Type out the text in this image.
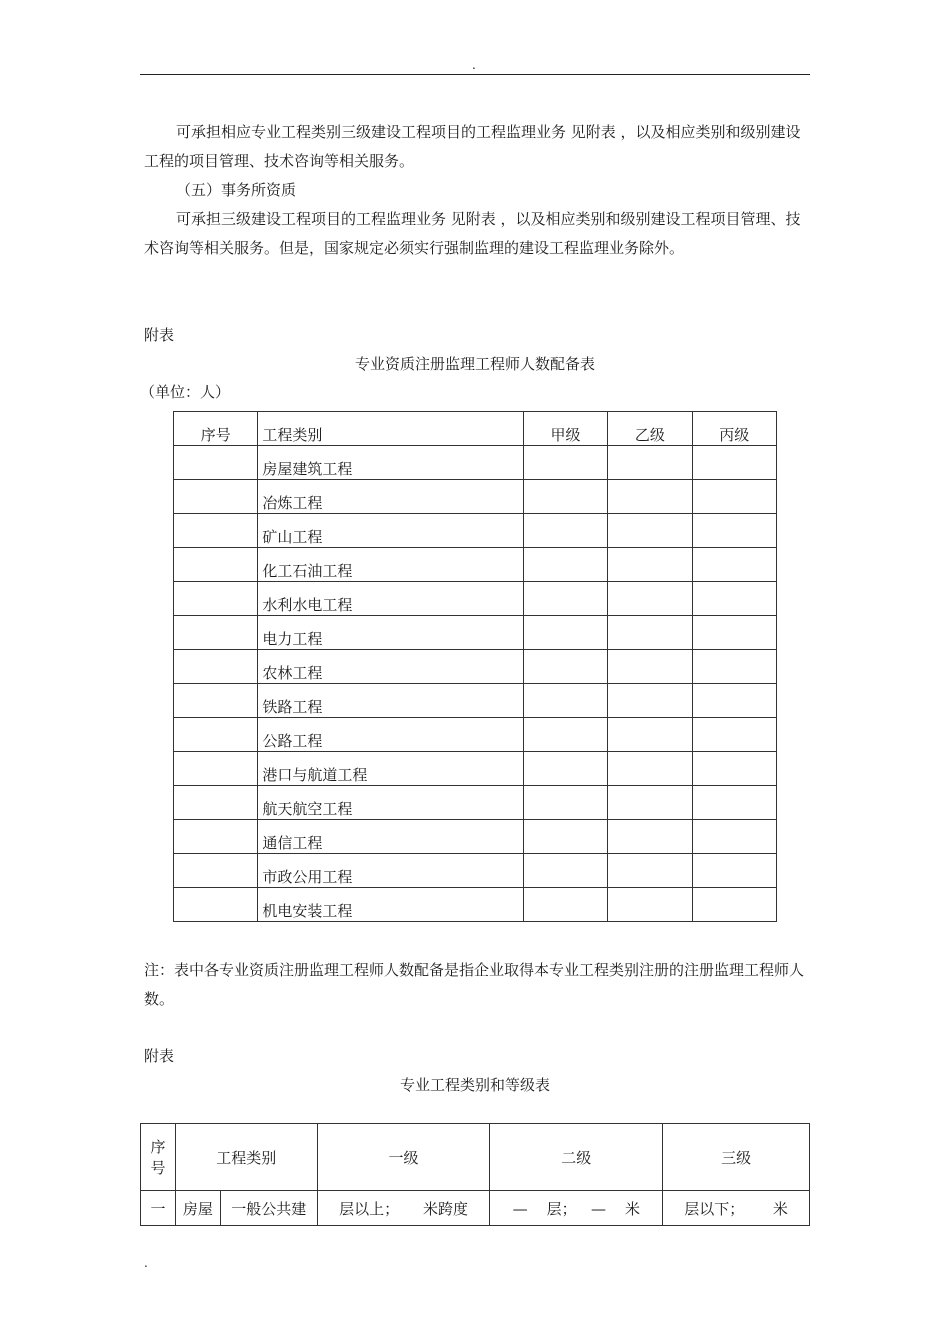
.

可承担相应专业工程类别三级建设工程项目的工程监理业务 见附表 ，以及相应类别和级别建设工程的项目管理、技术咨询等相关服务。

（五）事务所资质

可承担三级建设工程项目的工程监理业务 见附表 ，以及相应类别和级别建设工程项目管理、技术咨询等相关服务。但是，国家规定必须实行强制监理的建设工程监理业务除外。

附表
专业资质注册监理工程师人数配备表
（单位：人）
序号	工程类别	甲级	乙级	丙级
	房屋建筑工程			
	冶炼工程			
	矿山工程			
	化工石油工程			
	水利水电工程			
	电力工程			
	农林工程			
	铁路工程			
	公路工程			
	港口与航道工程			
	航天航空工程			
	通信工程			
	市政公用工程			
	机电安装工程			

注：表中各专业资质注册监理工程师人数配备是指企业取得本专业工程类别注册的注册监理工程师人数。

附表
专业工程类别和等级表
序号	工程类别		一级	二级	三级
一	房屋	一般公共建	层以上；     米跨度	—    层；   —    米	层以下；      米
.
